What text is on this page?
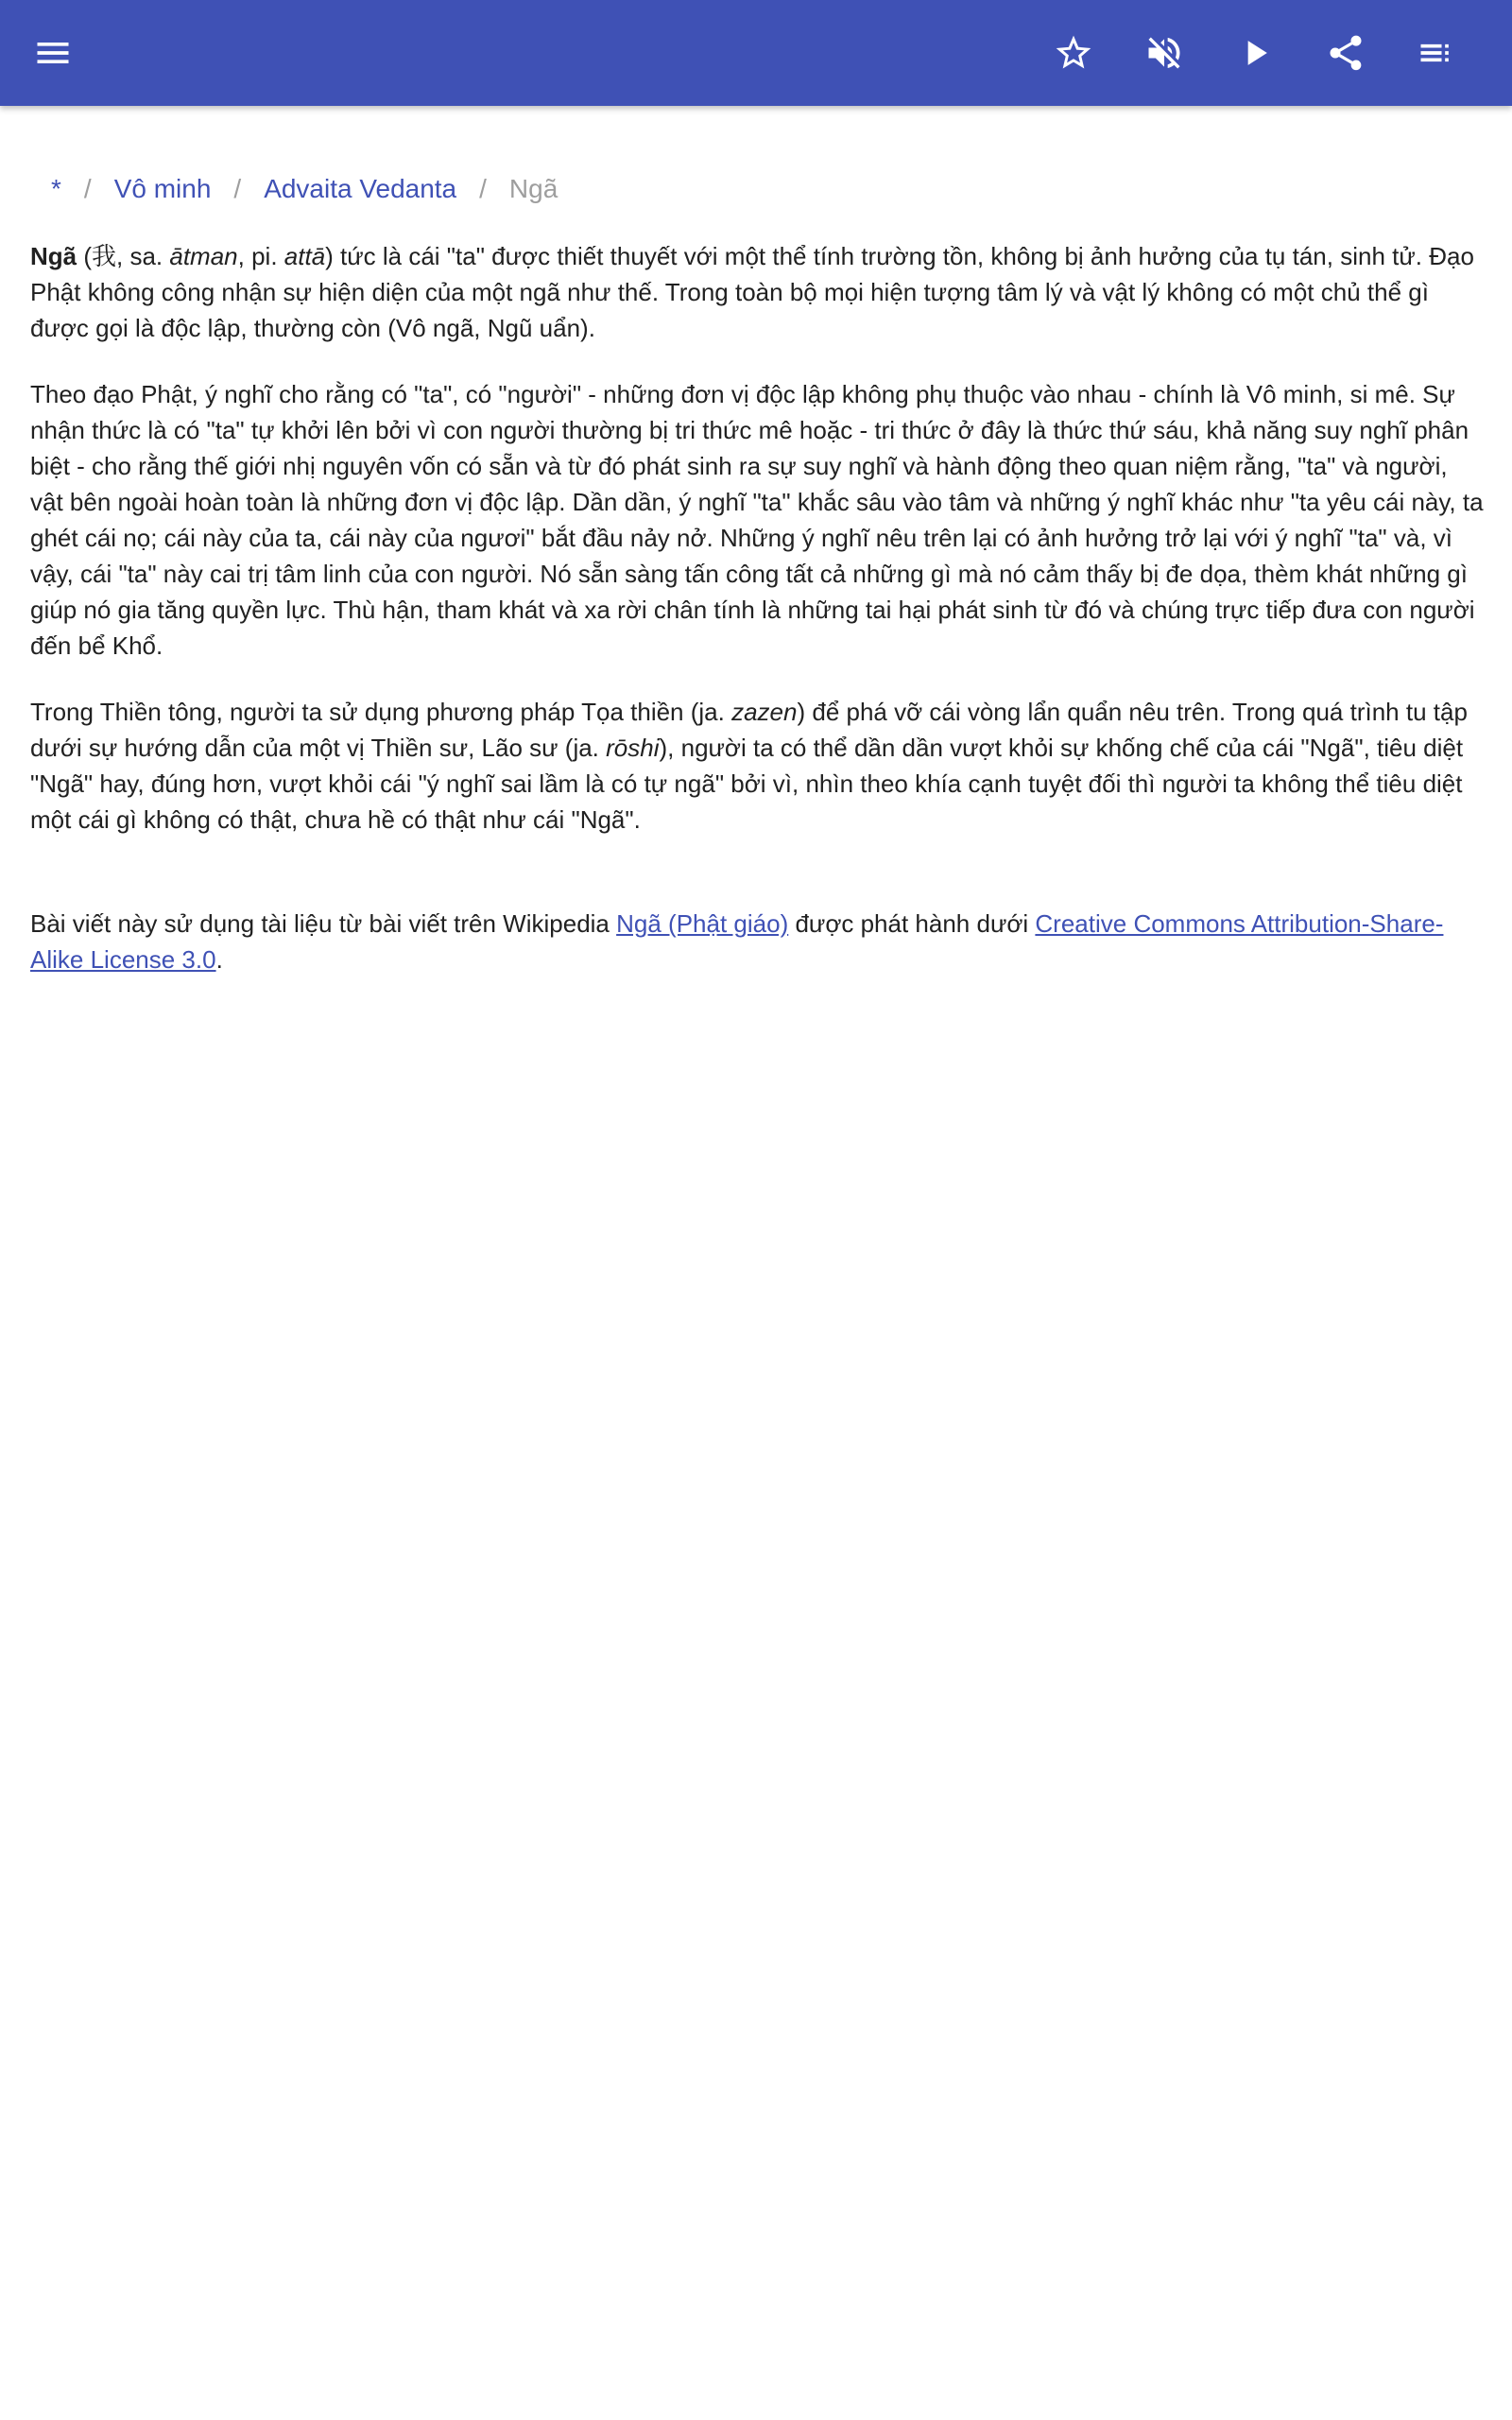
* / Vô minh / Advaita Vedanta / Ngã

Ngã (我, sa. ātman, pi. attā) tức là cái "ta" được thiết thuyết với một thể tính trường tồn, không bị ảnh hưởng của tụ tán, sinh tử. Đạo Phật không công nhận sự hiện diện của một ngã như thế. Trong toàn bộ mọi hiện tượng tâm lý và vật lý không có một chủ thể gì được gọi là độc lập, thường còn (Vô ngã, Ngũ uẩn).

Theo đạo Phật, ý nghĩ cho rằng có "ta", có "người" - những đơn vị độc lập không phụ thuộc vào nhau - chính là Vô minh, si mê. Sự nhận thức là có "ta" tự khởi lên bởi vì con người thường bị tri thức mê hoặc - tri thức ở đây là thức thứ sáu, khả năng suy nghĩ phân biệt - cho rằng thế giới nhị nguyên vốn có sẵn và từ đó phát sinh ra sự suy nghĩ và hành động theo quan niệm rằng, "ta" và người, vật bên ngoài hoàn toàn là những đơn vị độc lập. Dần dần, ý nghĩ "ta" khắc sâu vào tâm và những ý nghĩ khác như "ta yêu cái này, ta ghét cái nọ; cái này của ta, cái này của ngươi" bắt đầu nảy nở. Những ý nghĩ nêu trên lại có ảnh hưởng trở lại với ý nghĩ "ta" và, vì vậy, cái "ta" này cai trị tâm linh của con người. Nó sẵn sàng tấn công tất cả những gì mà nó cảm thấy bị đe dọa, thèm khát những gì giúp nó gia tăng quyền lực. Thù hận, tham khát và xa rời chân tính là những tai hại phát sinh từ đó và chúng trực tiếp đưa con người đến bể Khổ.

Trong Thiền tông, người ta sử dụng phương pháp Tọa thiền (ja. zazen) để phá vỡ cái vòng lẩn quẩn nêu trên. Trong quá trình tu tập dưới sự hướng dẫn của một vị Thiền sư, Lão sư (ja. rōshi), người ta có thể dần dần vượt khỏi sự khống chế của cái "Ngã", tiêu diệt "Ngã" hay, đúng hơn, vượt khỏi cái "ý nghĩ sai lầm là có tự ngã" bởi vì, nhìn theo khía cạnh tuyệt đối thì người ta không thể tiêu diệt một cái gì không có thật, chưa hề có thật như cái "Ngã".

Bài viết này sử dụng tài liệu từ bài viết trên Wikipedia Ngã (Phật giáo) được phát hành dưới Creative Commons Attribution-Share-Alike License 3.0.
